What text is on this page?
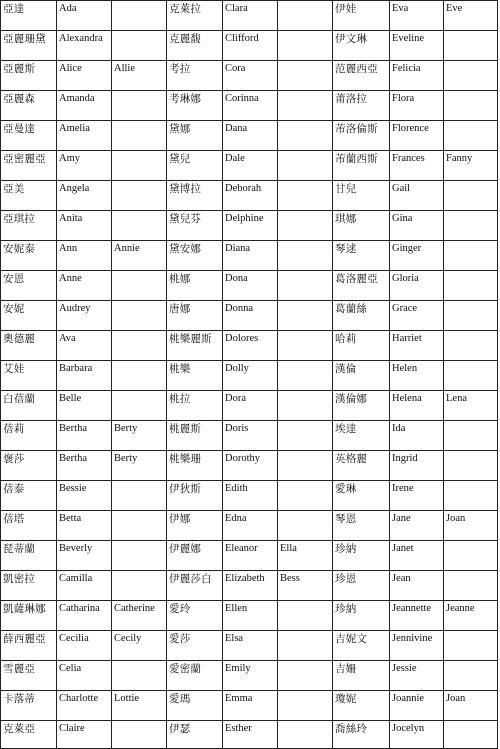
亞達	Ada		克萊拉	Clara		伊娃	Eva	Eve
亞麗珊黛	Alexandra		克麗馥	Clifford		伊文琳	Eveline	
亞麗斯	Alice	Allie	考拉	Cora		范麗西亞	Felicia	
亞麗森	Amanda		考琳娜	Corinna		莆洛拉	Flora	
亞曼達	Amelia		黛娜	Dana		芾洛倫斯	Florence	
亞密麗亞	Amy		黛兒	Dale		芾蘭西斯	Frances	Fanny
亞美	Angela		黛博拉	Deborah		甘兒	Gail	
亞琪拉	Anita		黛兒芬	Delphine		琪娜	Gina	
安妮泰	Ann	Annie	黛安娜	Diana		琴逑	Ginger	
安恩	Anne		桃娜	Dona		葛洛麗亞	Gloria	
安妮	Audrey		唐娜	Donna		葛蘭絲	Grace	
奧德麗	Ava		桃樂麗斯	Dolores		哈莉	Harriet	
艾娃	Barbara		桃樂	Dolly		漢倫	Helen	
白蓓蘭	Belle		桃拉	Dora		漢倫娜	Helena	Lena
蓓莉	Bertha	Berty	桃麗斯	Doris		埃達	Ida	
褒莎	Bertha	Berty	桃樂珊	Dorothy		英格麗	Ingrid	
蓓泰	Bessie		伊狄斯	Edith		愛琳	Irene	
蓓塔	Betta		伊娜	Edna		琴恩	Jane	Joan
琵蒂蘭	Beverly		伊麗娜	Eleanor	Ella	珍納	Janet	
凱密拉	Camilla		伊麗莎白	Elizabeth	Bess	珍恩	Jean	
凱薩琳娜	Catharina	Catherine	愛玲	Ellen		珍納	Jeannette	Jeanne
薛西麗亞	Cecilia	Cecily	愛莎	Elsa		吉妮文	Jennivine	
雪麗亞	Celia		愛密蘭	Emily		吉姍	Jessie	
卡落蒂	Charlotte	Lottie	愛瑪	Emma		瓊妮	Joannie	Joan
克萊亞	Claire		伊瑟	Esther		喬絲玲	Jocelyn	
